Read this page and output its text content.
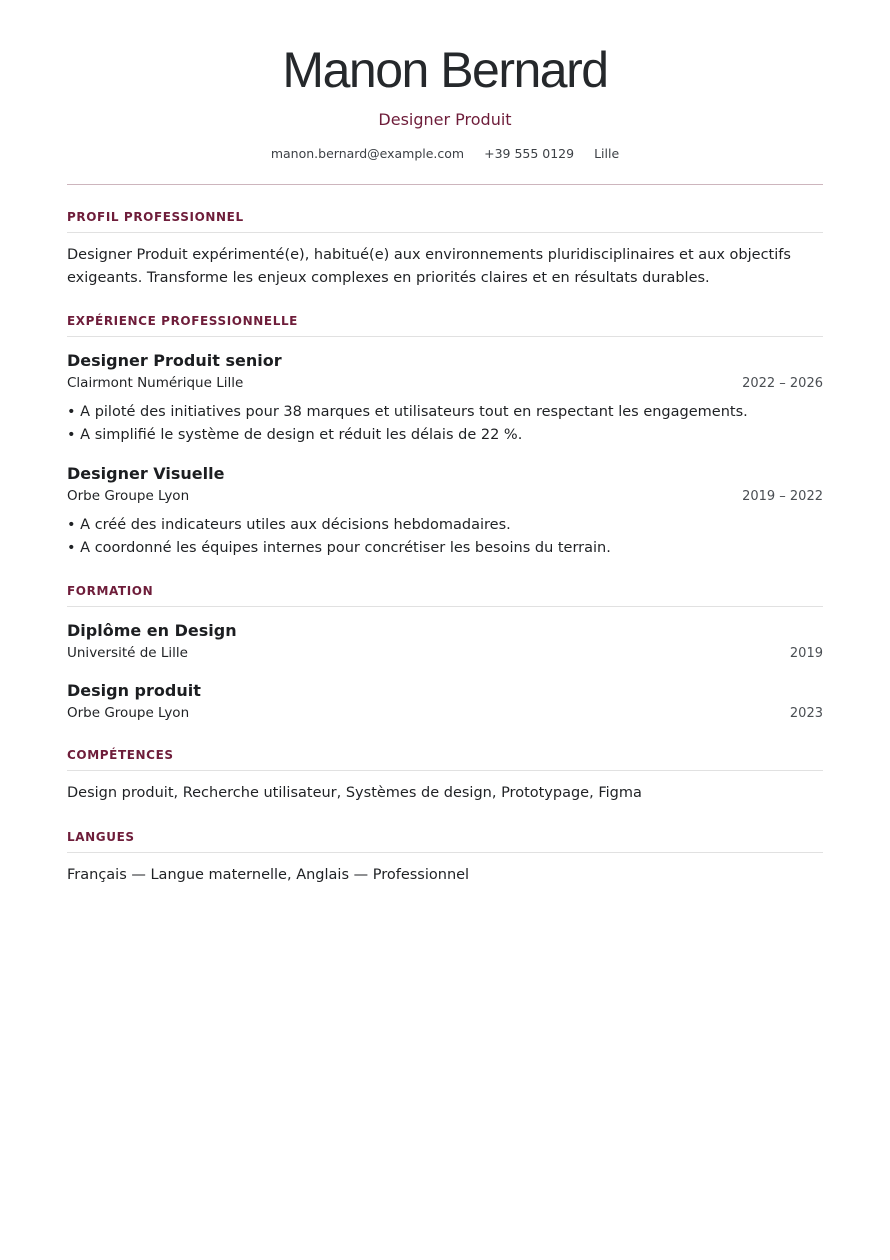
Manon Bernard
Designer Produit
manon.bernard@example.com +39 555 0129 Lille
PROFIL PROFESSIONNEL
Designer Produit expérimenté(e), habitué(e) aux environnements pluridisciplinaires et aux objectifs exigeants. Transforme les enjeux complexes en priorités claires et en résultats durables.
EXPÉRIENCE PROFESSIONNELLE
Designer Produit senior
Clairmont Numérique Lille	2022 – 2026
• A piloté des initiatives pour 38 marques et utilisateurs tout en respectant les engagements.
• A simplifié le système de design et réduit les délais de 22 %.
Designer Visuelle
Orbe Groupe Lyon	2019 – 2022
• A créé des indicateurs utiles aux décisions hebdomadaires.
• A coordonné les équipes internes pour concrétiser les besoins du terrain.
FORMATION
Diplôme en Design
Université de Lille	2019
Design produit
Orbe Groupe Lyon	2023
COMPÉTENCES
Design produit, Recherche utilisateur, Systèmes de design, Prototypage, Figma
LANGUES
Français — Langue maternelle, Anglais — Professionnel
